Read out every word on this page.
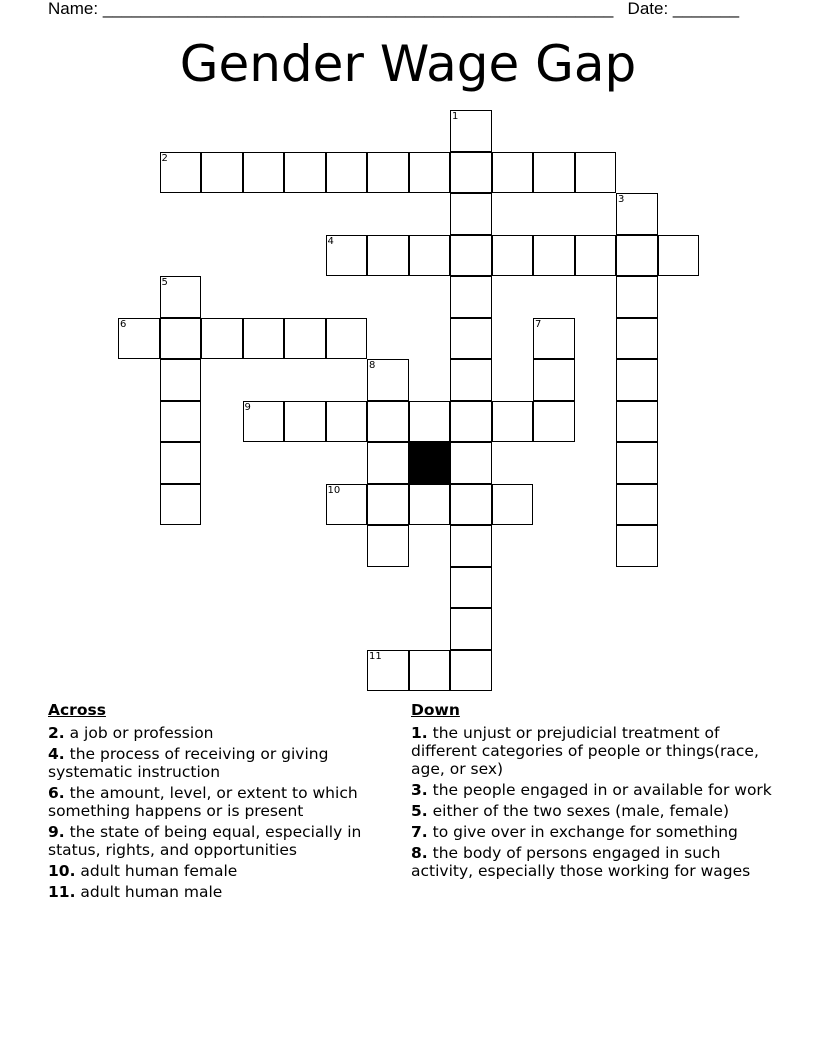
Name: ______________________________________________________ Date: _______
Gender Wage Gap
1
2
3
4
5
6	7
8
9
10
11
Across
2. a job or profession
4. the process of receiving or giving systematic instruction
6. the amount, level, or extent to which something happens or is present
9. the state of being equal, especially in status, rights, and opportunities
10. adult human female
11. adult human male
Down
1. the unjust or prejudicial treatment of different categories of people or things(race, age, or sex)
3. the people engaged in or available for work
5. either of the two sexes (male, female)
7. to give over in exchange for something
8. the body of persons engaged in such activity, especially those working for wages
